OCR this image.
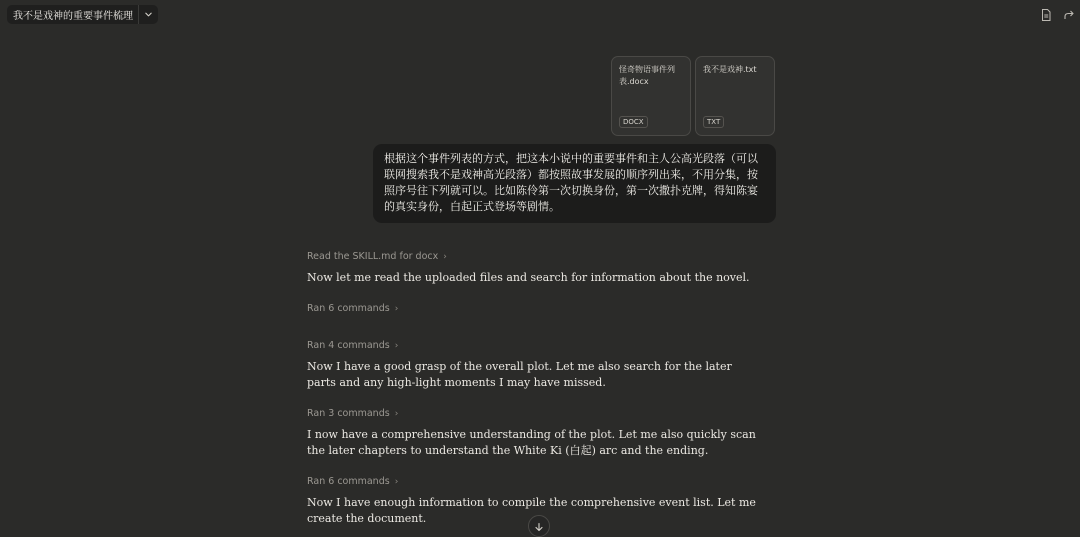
我不是戏神的重要事件梳理
怪奇物语事件列表.docx
DOCX
我不是戏神.txt
TXT
根据这个事件列表的方式，把这本小说中的重要事件和主人公高光段落（可以联网搜索我不是戏神高光段落）都按照故事发展的顺序列出来，不用分集，按照序号往下列就可以。比如陈伶第一次切换身份，第一次撒扑克牌，得知陈宴的真实身份，白起正式登场等剧情。
Read the SKILL.md for docx ›
Now let me read the uploaded files and search for information about the novel.
Ran 6 commands ›
Ran 4 commands ›
Now I have a good grasp of the overall plot. Let me also search for the later parts and any high-light moments I may have missed.
Ran 3 commands ›
I now have a comprehensive understanding of the plot. Let me also quickly scan the later chapters to understand the White Ki (白起) arc and the ending.
Ran 6 commands ›
Now I have enough information to compile the comprehensive event list. Let me create the document.
